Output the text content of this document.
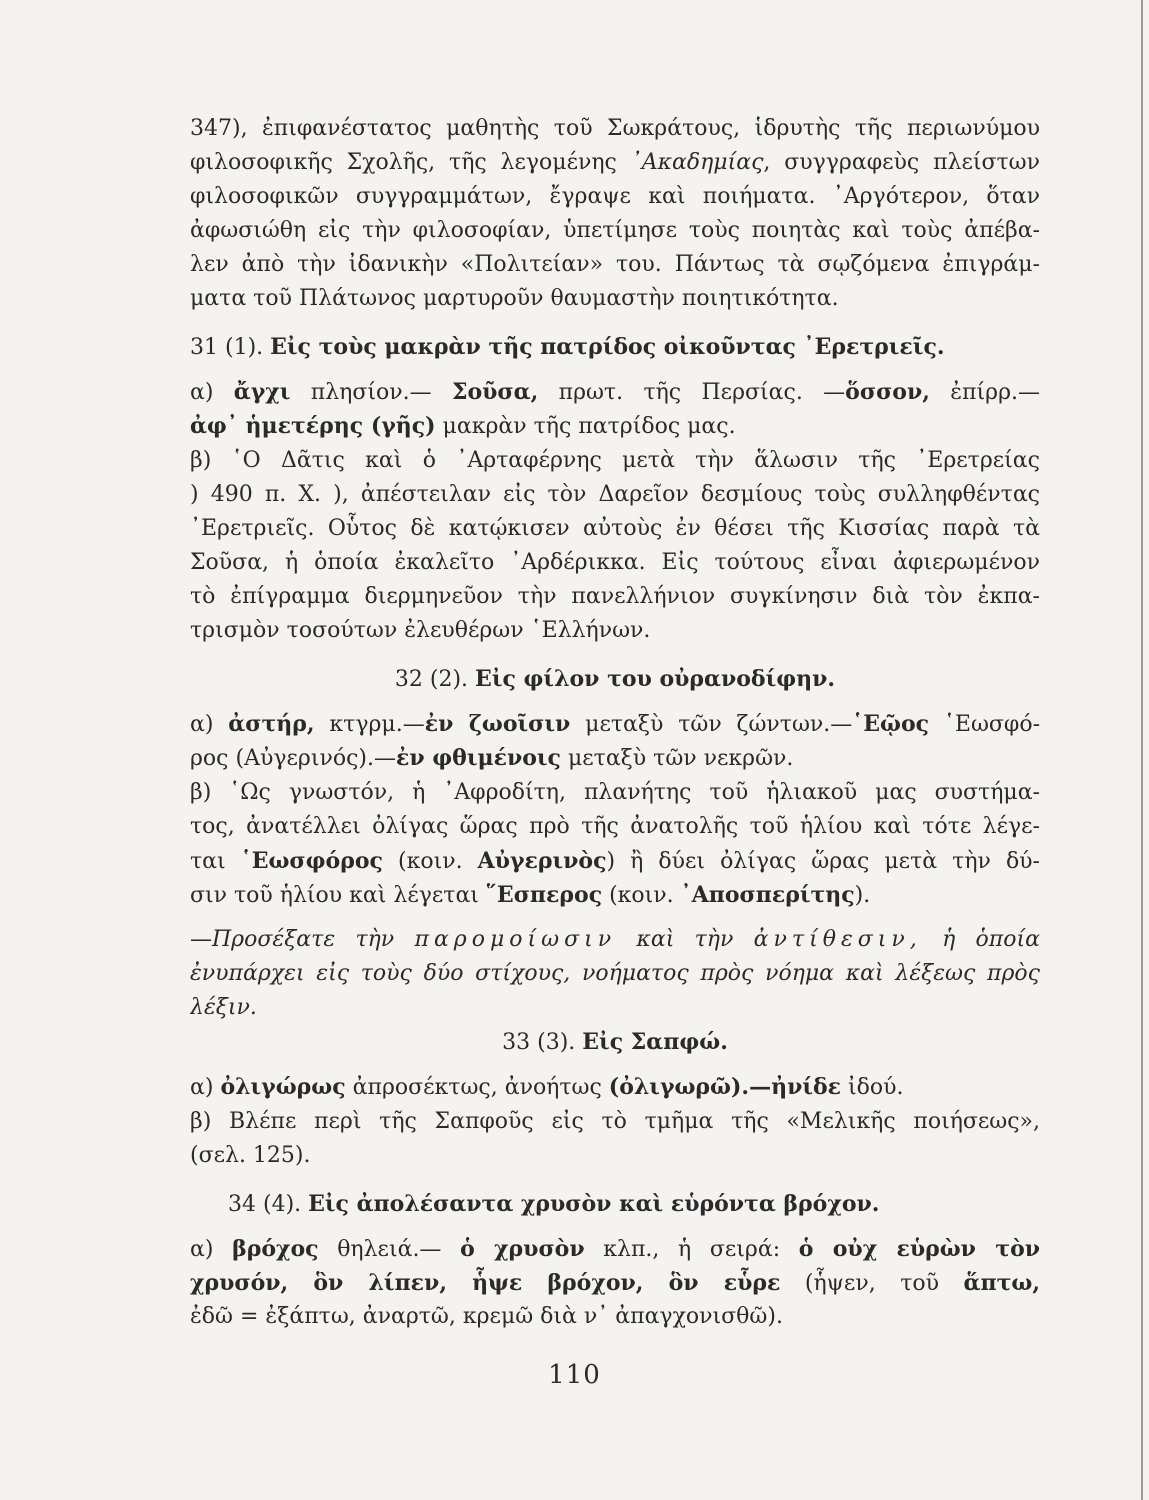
347), ἐπιφανέστατος μαθητὴς τοῦ Σωκράτους, ἱδρυτὴς τῆς περιωνύμου
φιλοσοφικῆς Σχολῆς, τῆς λεγομένης ᾿Ακαδημίας, συγγραφεὺς πλείστων
φιλοσοφικῶν συγγραμμάτων, ἔγραψε καὶ ποιήματα. ᾿Αργότερον, ὅταν
ἀφωσιώθη εἰς τὴν φιλοσοφίαν, ὑπετίμησε τοὺς ποιητὰς καὶ τοὺς ἀπέβα-
λεν ἀπὸ τὴν ἰδανικὴν «Πολιτείαν» του. Πάντως τὰ σῳζόμενα ἐπιγράμ-
ματα τοῦ Πλάτωνος μαρτυροῦν θαυμαστὴν ποιητικότητα.
31 (1). Εἰς τοὺς μακρὰν τῆς πατρίδος οἰκοῦντας ᾿Ερετριεῖς.
α) ἄγχι πλησίον.— Σοῦσα, πρωτ. τῆς Περσίας. —ὅσσον, ἐπίρρ.—
ἀφ᾿ ἡμετέρης (γῆς) μακρὰν τῆς πατρίδος μας.
β) ῾Ο Δᾶτις καὶ ὁ ᾿Αρταφέρνης μετὰ τὴν ἅλωσιν τῆς ᾿Ερετρείας
) 490 π. Χ. ), ἀπέστειλαν εἰς τὸν Δαρεῖον δεσμίους τοὺς συλληφθέντας
᾿Ερετριεῖς. Οὗτος δὲ κατῴκισεν αὐτοὺς ἐν θέσει τῆς Κισσίας παρὰ τὰ
Σοῦσα, ἡ ὁποία ἐκαλεῖτο ᾿Αρδέρικκα. Εἰς τούτους εἶναι ἀφιερωμένον
τὸ ἐπίγραμμα διερμηνεῦον τὴν πανελλήνιον συγκίνησιν διὰ τὸν ἐκπα-
τρισμὸν τοσούτων ἐλευθέρων ῾Ελλήνων.
32 (2). Εἰς φίλον του οὐρανοδίφην.
α) ἀστήρ, κτγρμ.—ἐν ζωοῖσιν μεταξὺ τῶν ζώντων.—῾Εῷος ῾Εωσφό-
ρος (Αὐγερινός).—ἐν φθιμένοις μεταξὺ τῶν νεκρῶν.
β) ῾Ως γνωστόν, ἡ ᾿Αφροδίτη, πλανήτης τοῦ ἡλιακοῦ μας συστήμα-
τος, ἀνατέλλει ὀλίγας ὥρας πρὸ τῆς ἀνατολῆς τοῦ ἡλίου καὶ τότε λέγε-
ται ῾Εωσφόρος (κοιν. Αὐγερινὸς) ἢ δύει ὀλίγας ὥρας μετὰ τὴν δύ-
σιν τοῦ ἡλίου καὶ λέγεται ῞Εσπερος (κοιν. ᾿Αποσπερίτης).
—Προσέξατε τὴν παρομοίωσιν καὶ τὴν ἀντίθεσιν, ἡ ὁποία
ἐνυπάρχει εἰς τοὺς δύο στίχους, νοήματος πρὸς νόημα καὶ λέξεως πρὸς
λέξιν.
33 (3). Εἰς Σαπφώ.
α) ὀλιγώρως ἀπροσέκτως, ἀνοήτως (ὀλιγωρῶ).—ἠνίδε ἰδού.
β) Βλέπε περὶ τῆς Σαπφοῦς εἰς τὸ τμῆμα τῆς «Μελικῆς ποιήσεως»,
(σελ. 125).
34 (4). Εἰς ἀπολέσαντα χρυσὸν καὶ εὑρόντα βρόχον.
α) βρόχος θηλειά.— ὁ χρυσὸν κλπ., ἡ σειρά: ὁ οὐχ εὑρὼν τὸν
χρυσόν, ὃν λίπεν, ἧψε βρόχον, ὃν εὗρε (ἧψεν, τοῦ ἅπτω,
ἐδῶ = ἐξάπτω, ἀναρτῶ, κρεμῶ διὰ ν᾿ ἀπαγχονισθῶ).
110
